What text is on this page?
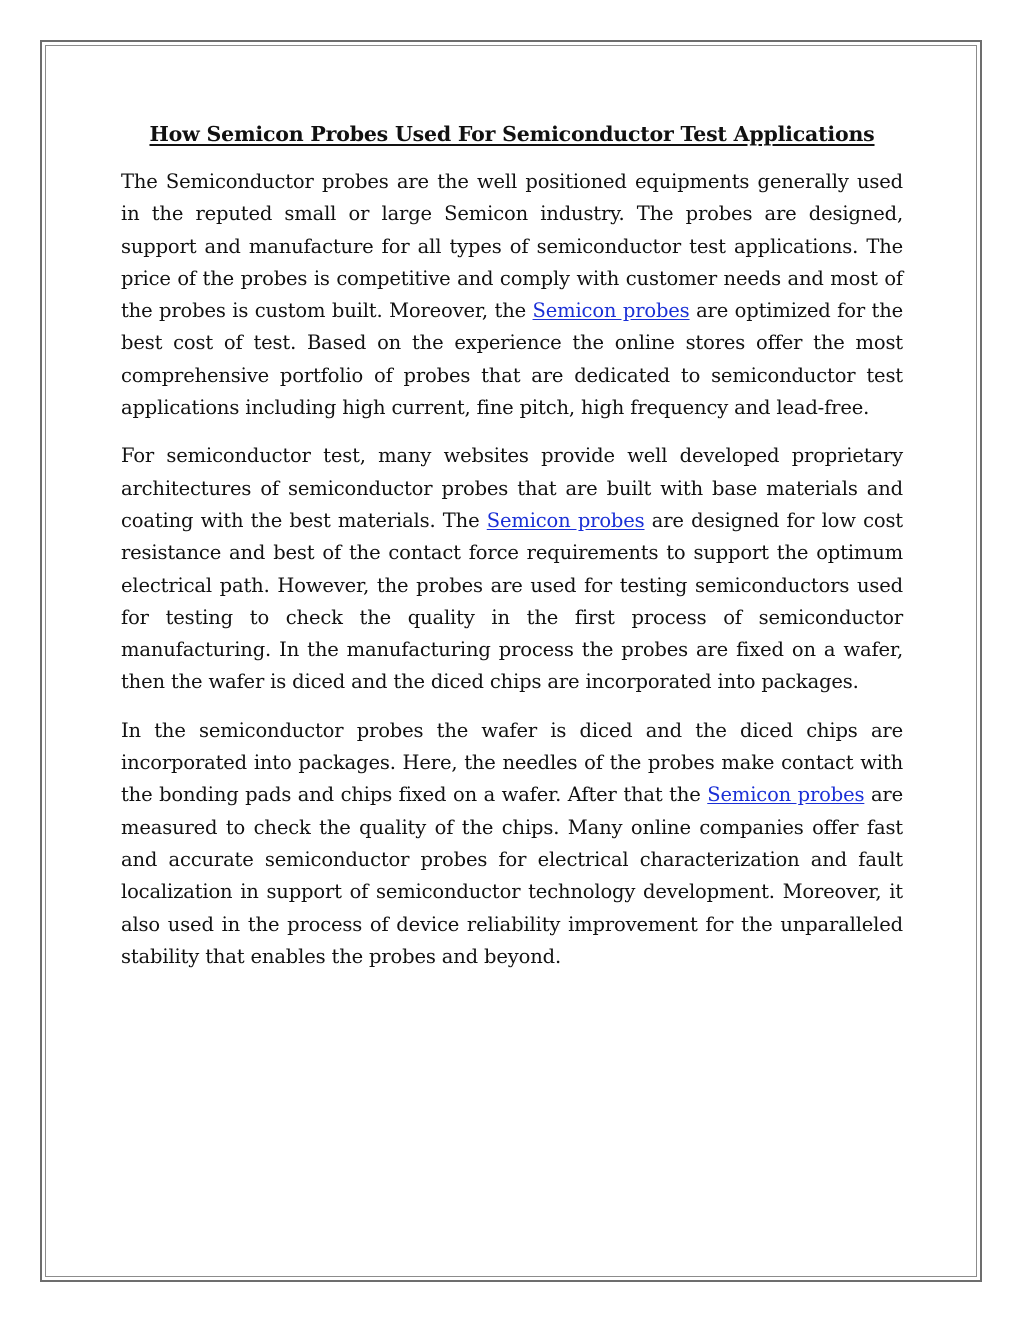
How Semicon Probes Used For Semiconductor Test Applications

The Semiconductor probes are the well positioned equipments generally used in the reputed small or large Semicon industry. The probes are designed, support and manufacture for all types of semiconductor test applications. The price of the probes is competitive and comply with customer needs and most of the probes is custom built. Moreover, the Semicon probes are optimized for the best cost of test. Based on the experience the online stores offer the most comprehensive portfolio of probes that are dedicated to semiconductor test applications including high current, fine pitch, high frequency and lead-free.

For semiconductor test, many websites provide well developed proprietary architectures of semiconductor probes that are built with base materials and coating with the best materials. The Semicon probes are designed for low cost resistance and best of the contact force requirements to support the optimum electrical path. However, the probes are used for testing semiconductors used for testing to check the quality in the first process of semiconductor manufacturing. In the manufacturing process the probes are fixed on a wafer, then the wafer is diced and the diced chips are incorporated into packages.

In the semiconductor probes the wafer is diced and the diced chips are incorporated into packages. Here, the needles of the probes make contact with the bonding pads and chips fixed on a wafer. After that the Semicon probes are measured to check the quality of the chips. Many online companies offer fast and accurate semiconductor probes for electrical characterization and fault localization in support of semiconductor technology development. Moreover, it also used in the process of device reliability improvement for the unparalleled stability that enables the probes and beyond.
